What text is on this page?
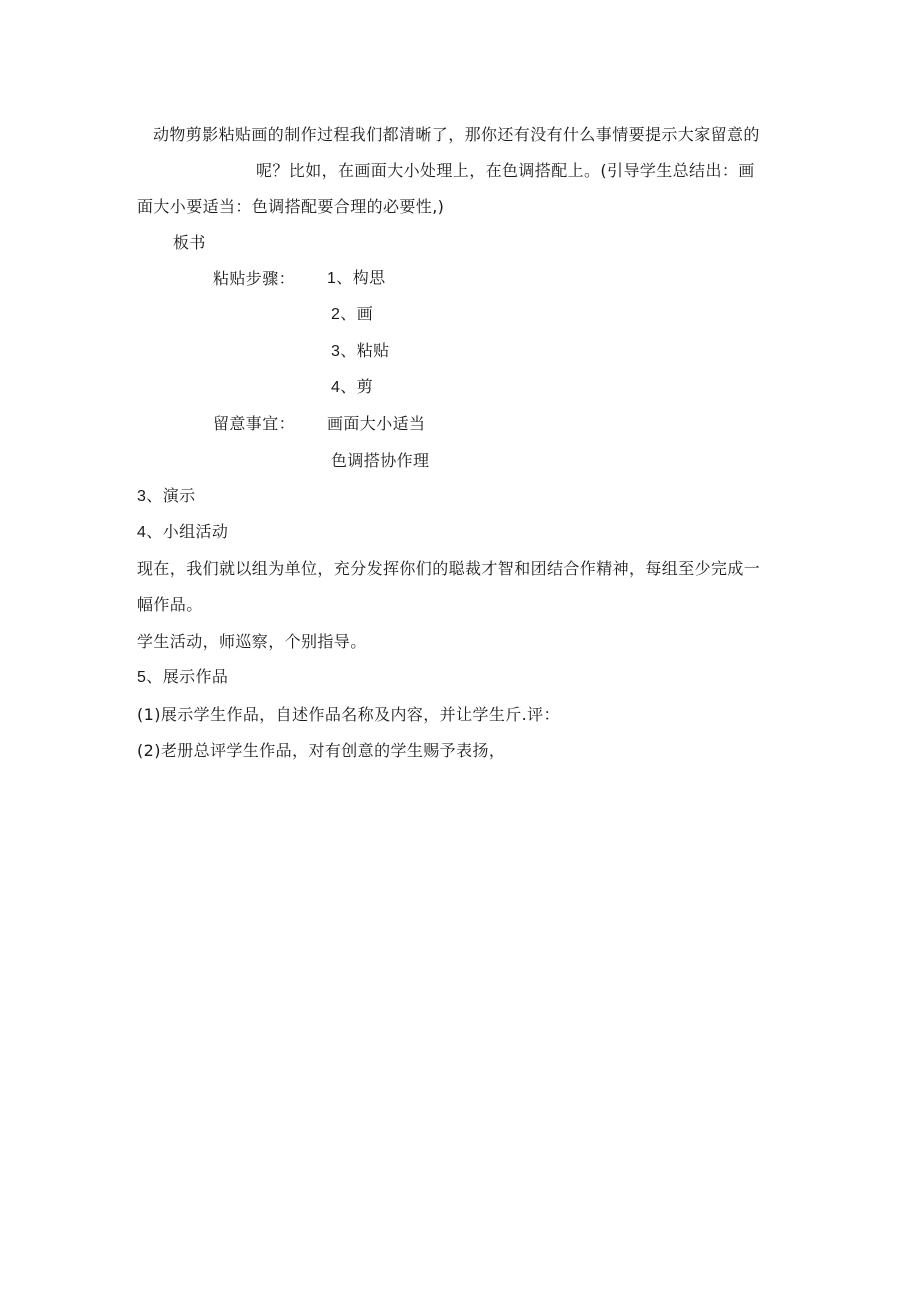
动物剪影粘贴画的制作过程我们都清晰了，那你还有没有什么事情要提示大家留意的
呢？比如，在画面大小处理上，在色调搭配上。(引导学生总结出：画
面大小要适当：色调搭配要合理的必要性,)
板书
粘贴步骤： 1、构思
2、画
3、粘贴
4、剪
留意事宜： 画面大小适当
色调搭协作理
3、演示
4、小组活动
现在，我们就以组为单位，充分发挥你们的聪裁才智和团结合作精神，每组至少完成一
幅作品。
学生活动，师巡察，个别指导。
5、展示作品
(1)展示学生作品，自述作品名称及内容，并让学生斤.评：
(2)老册总评学生作品，对有创意的学生赐予表扬，
